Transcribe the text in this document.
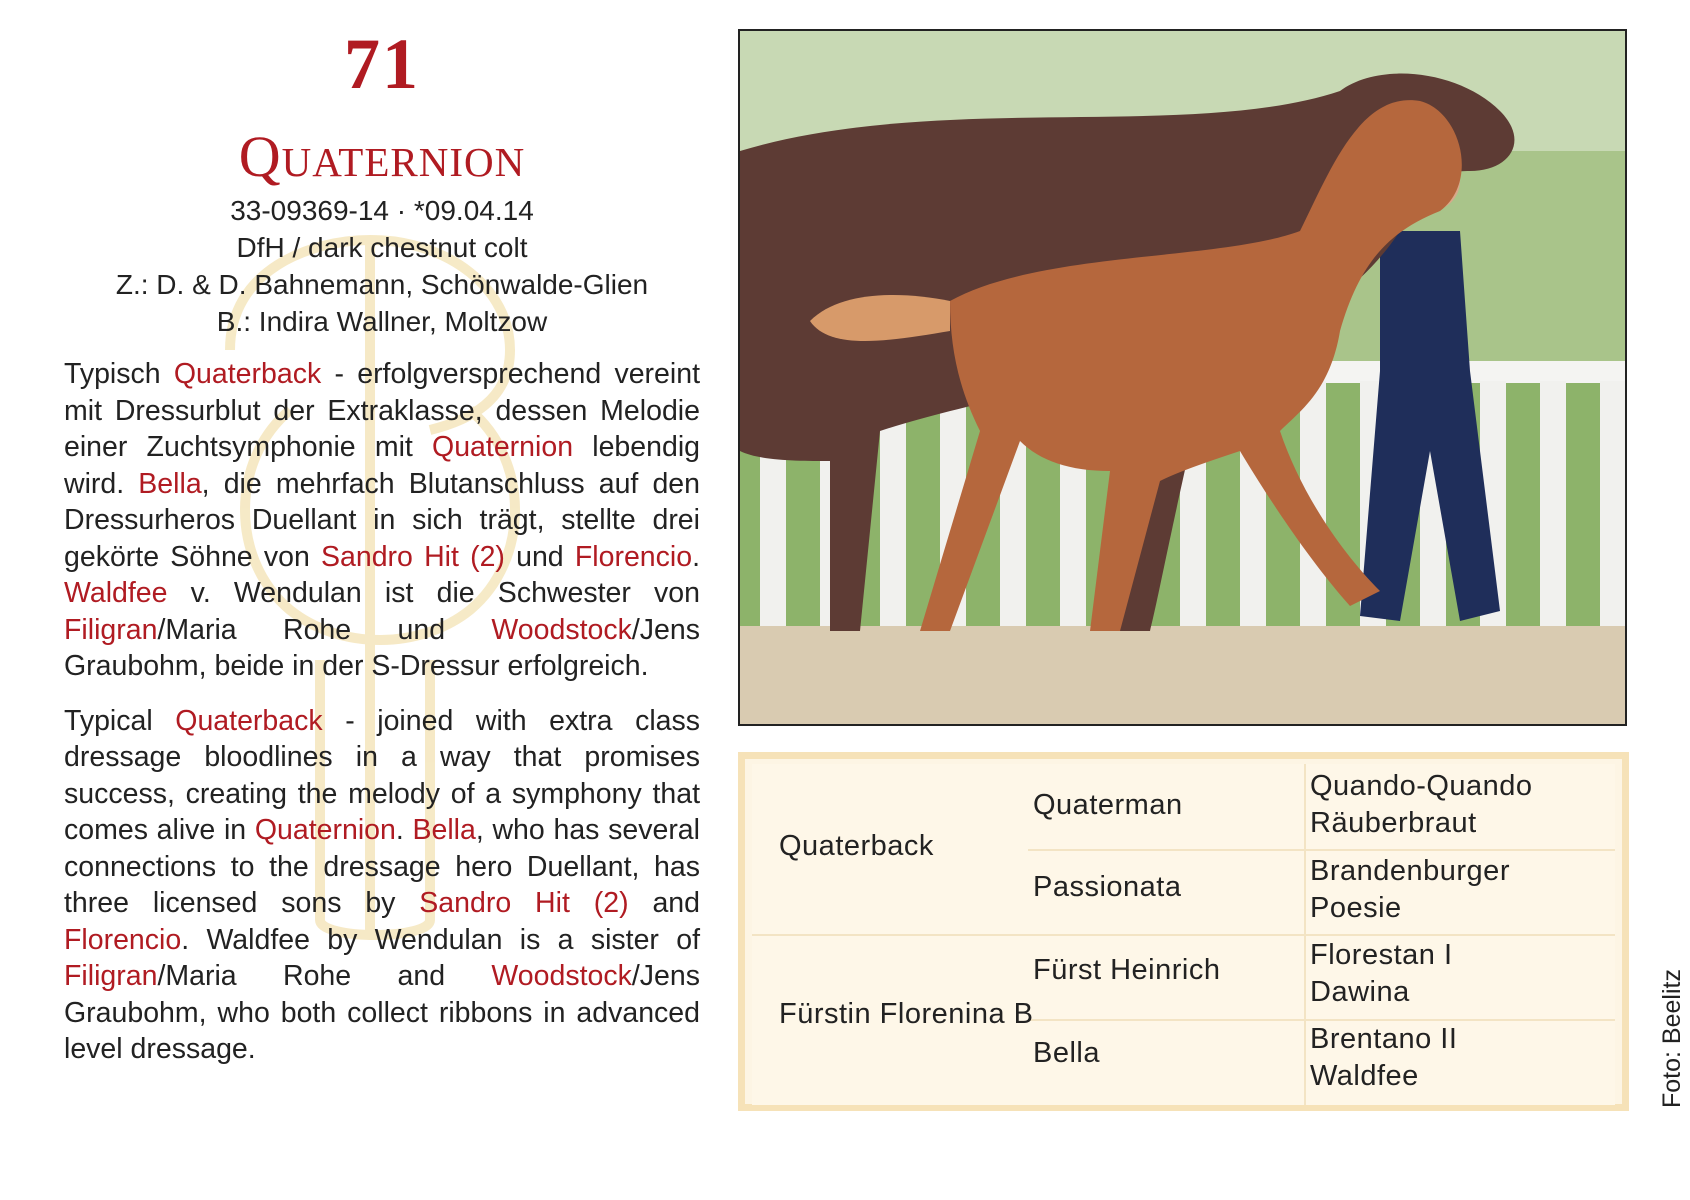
71
Quaternion
33-09369-14 · *09.04.14
DfH / dark chestnut colt
Z.: D. & D. Bahnemann, Schönwalde-Glien
B.: Indira Wallner, Moltzow

Typisch Quaterback - erfolgversprechend vereint mit Dressurblut der Extraklasse, dessen Melodie einer Zuchtsymphonie mit Quaternion lebendig wird. Bella, die mehrfach Blutanschluss auf den Dressurheros Duellant in sich trägt, stellte drei gekörte Söhne von Sandro Hit (2) und Florencio. Waldfee v. Wendulan ist die Schwester von Filigran/Maria Rohe und Woodstock/Jens Graubohm, beide in der S-Dressur erfolgreich.

Typical Quaterback - joined with extra class dressage bloodlines in a way that promises success, creating the melody of a symphony that comes alive in Quaternion. Bella, who has several connections to the dressage hero Duellant, has three licensed sons by Sandro Hit (2) and Florencio. Waldfee by Wendulan is a sister of Filigran/Maria Rohe and Woodstock/Jens Graubohm, who both collect ribbons in advanced level dressage.

Quaterback
Fürstin Florenina B
Quaterman
Passionata
Fürst Heinrich
Bella
Quando-Quando
Räuberbraut
Brandenburger
Poesie
Florestan I
Dawina
Brentano II
Waldfee	Foto: Beelitz
